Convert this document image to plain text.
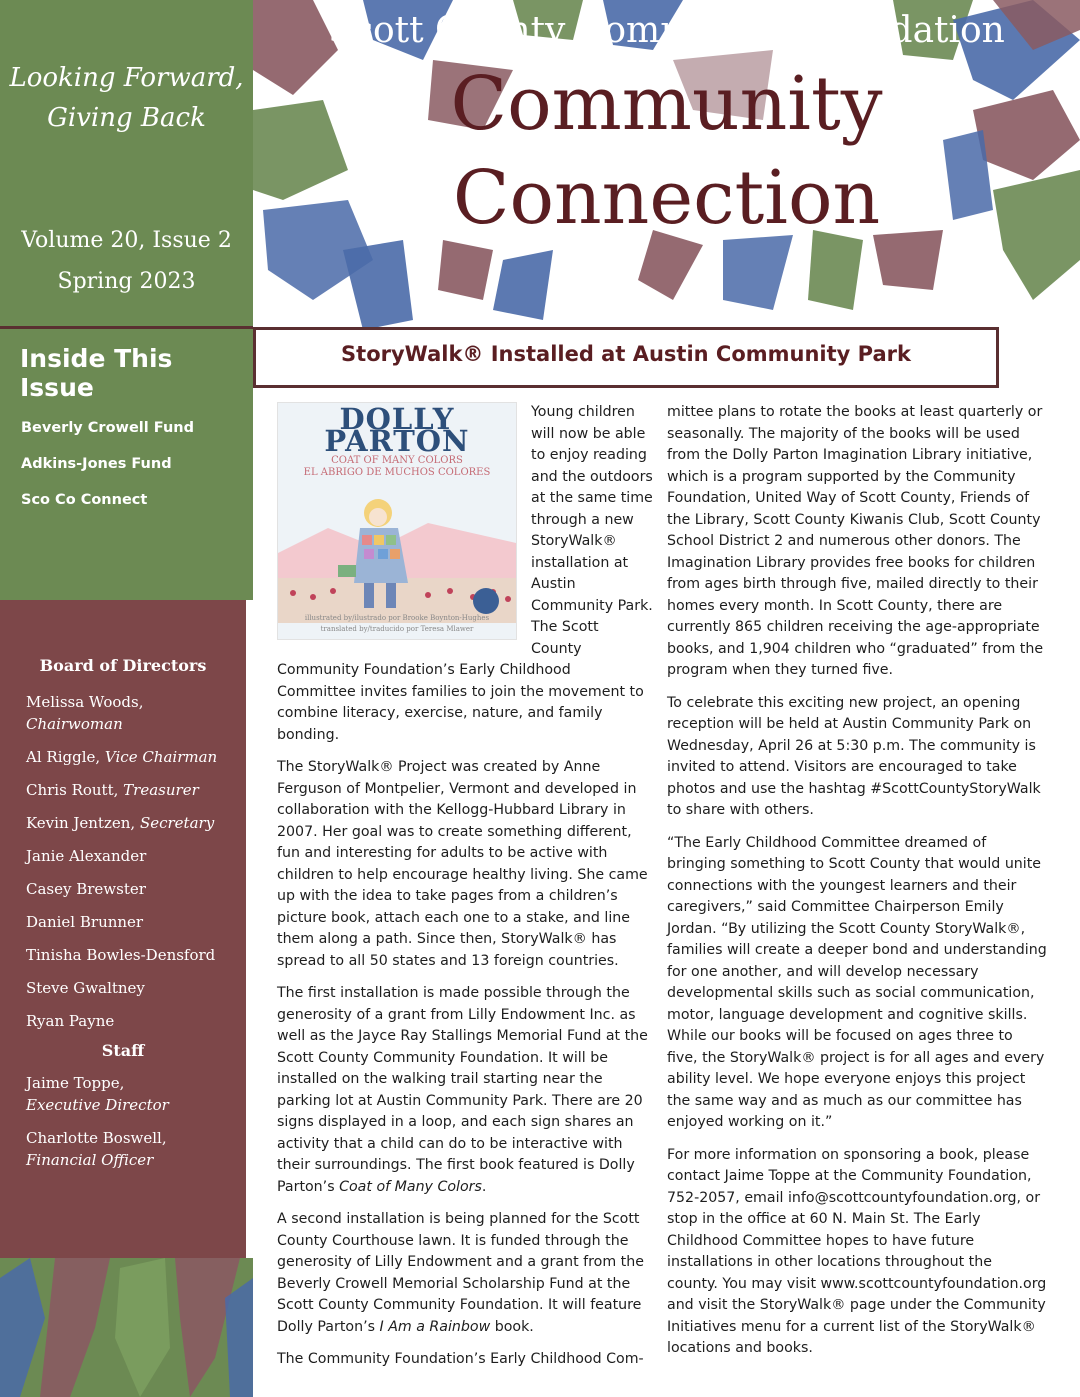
Looking Forward,
Giving Back
Volume 20, Issue 2
Spring 2023
Inside This Issue
Beverly Crowell Fund
Adkins-Jones Fund
Sco Co Connect
Board of Directors
Melissa Woods,
Chairwoman
Al Riggle, Vice Chairman
Chris Routt, Treasurer
Kevin Jentzen, Secretary
Janie Alexander
Casey Brewster
Daniel Brunner
Tinisha Bowles-Densford
Steve Gwaltney
Ryan Payne
Staff
Jaime Toppe,
Executive Director
Charlotte Boswell,
Financial Officer
Scott County Community Foundation
Community
Connection
StoryWalk® Installed at Austin Community Park
DOLLY PARTON
COAT OF MANY COLORS
EL ABRIGO DE MUCHOS COLORES
illustrated by/ilustrado por Brooke Boynton-Hughes
translated by/traducido por Teresa Mlawer

Young children will now be able to enjoy reading and the outdoors at the same time through a new StoryWalk® installation at Austin Community Park. The Scott County Community Foundation’s Early Childhood Committee invites families to join the movement to combine literacy, exercise, nature, and family bonding.

The StoryWalk® Project was created by Anne Ferguson of Montpelier, Vermont and developed in collaboration with the Kellogg-Hubbard Library in 2007. Her goal was to create something different, fun and interesting for adults to be active with children to help encourage healthy living. She came up with the idea to take pages from a children’s picture book, attach each one to a stake, and line them along a path. Since then, StoryWalk® has spread to all 50 states and 13 foreign countries.

The first installation is made possible through the generosity of a grant from Lilly Endowment Inc. as well as the Jayce Ray Stallings Memorial Fund at the Scott County Community Foundation. It will be installed on the walking trail starting near the parking lot at Austin Community Park. There are 20 signs displayed in a loop, and each sign shares an activity that a child can do to be interactive with their surroundings. The first book featured is Dolly Parton’s Coat of Many Colors.

A second installation is being planned for the Scott County Courthouse lawn. It is funded through the generosity of Lilly Endowment and a grant from the Beverly Crowell Memorial Scholarship Fund at the Scott County Community Foundation. It will feature Dolly Parton’s I Am a Rainbow book.

The Community Foundation’s Early Childhood Com-

mittee plans to rotate the books at least quarterly or seasonally. The majority of the books will be used from the Dolly Parton Imagination Library initiative, which is a program supported by the Community Foundation, United Way of Scott County, Friends of the Library, Scott County Kiwanis Club, Scott County School District 2 and numerous other donors. The Imagination Library provides free books for children from ages birth through five, mailed directly to their homes every month. In Scott County, there are currently 865 children receiving the age-appropriate books, and 1,904 children who “graduated” from the program when they turned five.

To celebrate this exciting new project, an opening reception will be held at Austin Community Park on Wednesday, April 26 at 5:30 p.m. The community is invited to attend. Visitors are encouraged to take photos and use the hashtag #ScottCountyStoryWalk to share with others.

“The Early Childhood Committee dreamed of bringing something to Scott County that would unite connections with the youngest learners and their caregivers,” said Committee Chairperson Emily Jordan. “By utilizing the Scott County StoryWalk®, families will create a deeper bond and understanding for one another, and will develop necessary developmental skills such as social communication, motor, language development and cognitive skills. While our books will be focused on ages three to five, the StoryWalk® project is for all ages and every ability level. We hope everyone enjoys this project the same way and as much as our committee has enjoyed working on it.”

For more information on sponsoring a book, please contact Jaime Toppe at the Community Foundation, 752-2057, email info@scottcountyfoundation.org, or stop in the office at 60 N. Main St. The Early Childhood Committee hopes to have future installations in other locations throughout the county. You may visit www.scottcountyfoundation.org and visit the StoryWalk® page under the Community Initiatives menu for a current list of the StoryWalk® locations and books.
